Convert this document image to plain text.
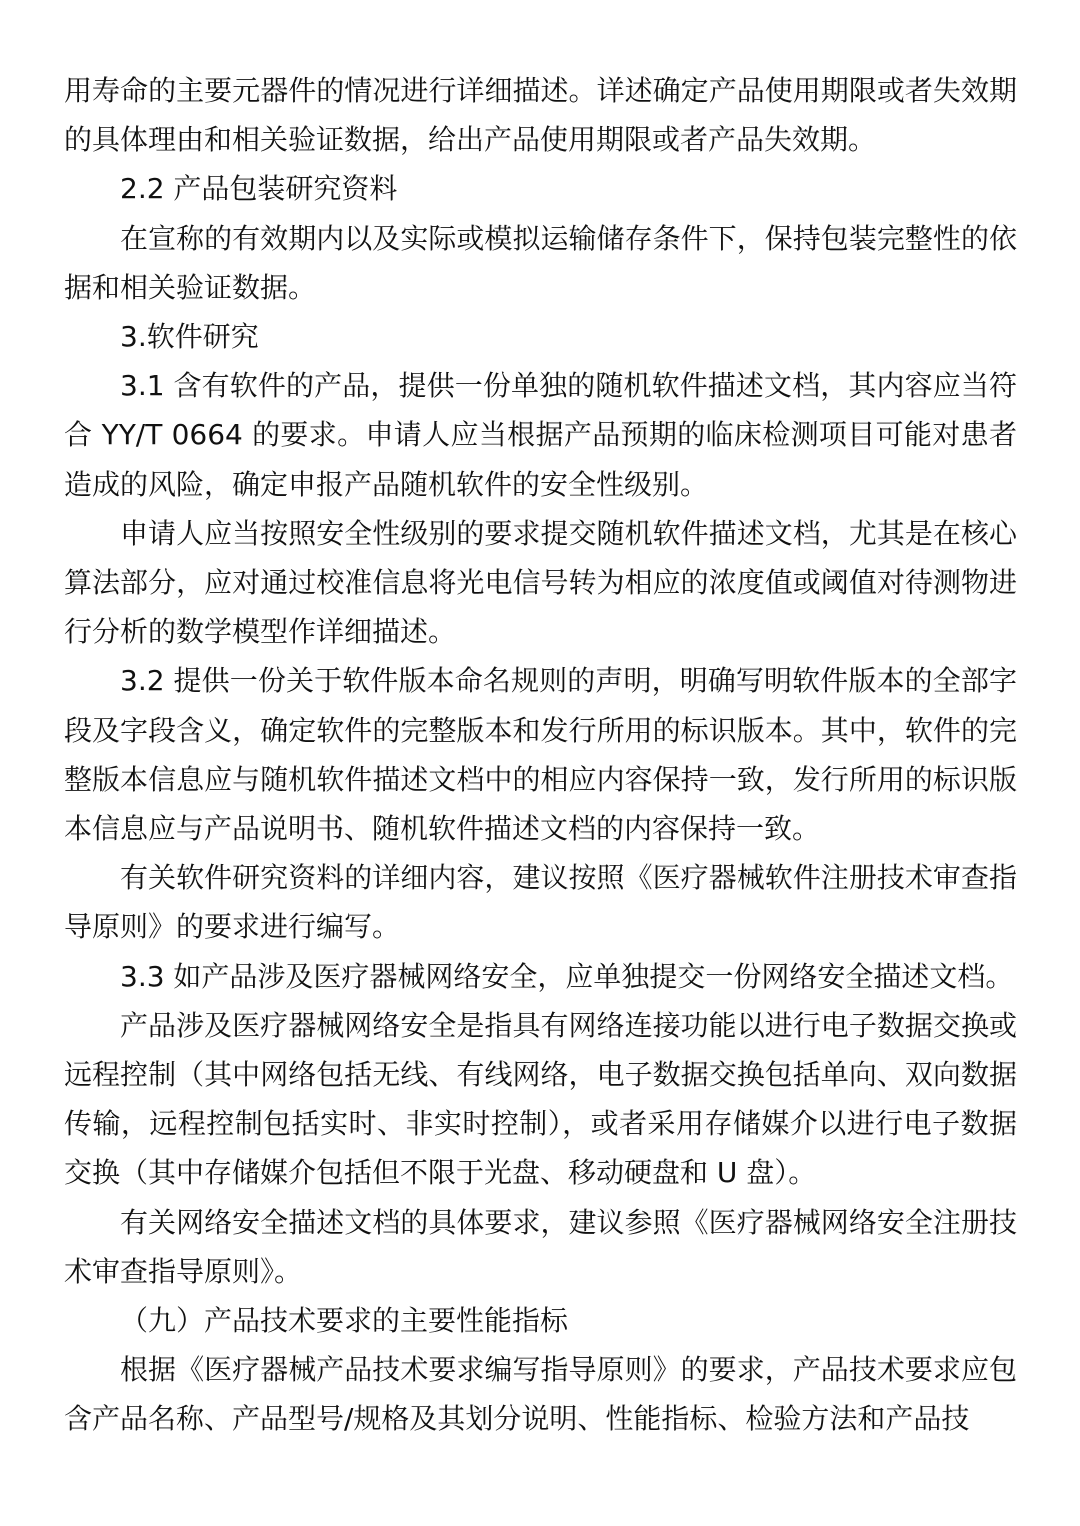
用寿命的主要元器件的情况进行详细描述。详述确定产品使用期限或者失效期的具体理由和相关验证数据，给出产品使用期限或者产品失效期。

2.2 产品包装研究资料

在宣称的有效期内以及实际或模拟运输储存条件下，保持包装完整性的依据和相关验证数据。

3.软件研究

3.1 含有软件的产品，提供一份单独的随机软件描述文档，其内容应当符合 YY/T 0664 的要求。申请人应当根据产品预期的临床检测项目可能对患者造成的风险，确定申报产品随机软件的安全性级别。

申请人应当按照安全性级别的要求提交随机软件描述文档，尤其是在核心算法部分，应对通过校准信息将光电信号转为相应的浓度值或阈值对待测物进行分析的数学模型作详细描述。

3.2 提供一份关于软件版本命名规则的声明，明确写明软件版本的全部字段及字段含义，确定软件的完整版本和发行所用的标识版本。其中，软件的完整版本信息应与随机软件描述文档中的相应内容保持一致，发行所用的标识版本信息应与产品说明书、随机软件描述文档的内容保持一致。

有关软件研究资料的详细内容，建议按照《医疗器械软件注册技术审查指导原则》的要求进行编写。

3.3 如产品涉及医疗器械网络安全，应单独提交一份网络安全描述文档。

产品涉及医疗器械网络安全是指具有网络连接功能以进行电子数据交换或远程控制（其中网络包括无线、有线网络，电子数据交换包括单向、双向数据传输，远程控制包括实时、非实时控制），或者采用存储媒介以进行电子数据交换（其中存储媒介包括但不限于光盘、移动硬盘和 U 盘）。

有关网络安全描述文档的具体要求，建议参照《医疗器械网络安全注册技术审查指导原则》。

（九）产品技术要求的主要性能指标

根据《医疗器械产品技术要求编写指导原则》的要求，产品技术要求应包含产品名称、产品型号/规格及其划分说明、性能指标、检验方法和产品技
